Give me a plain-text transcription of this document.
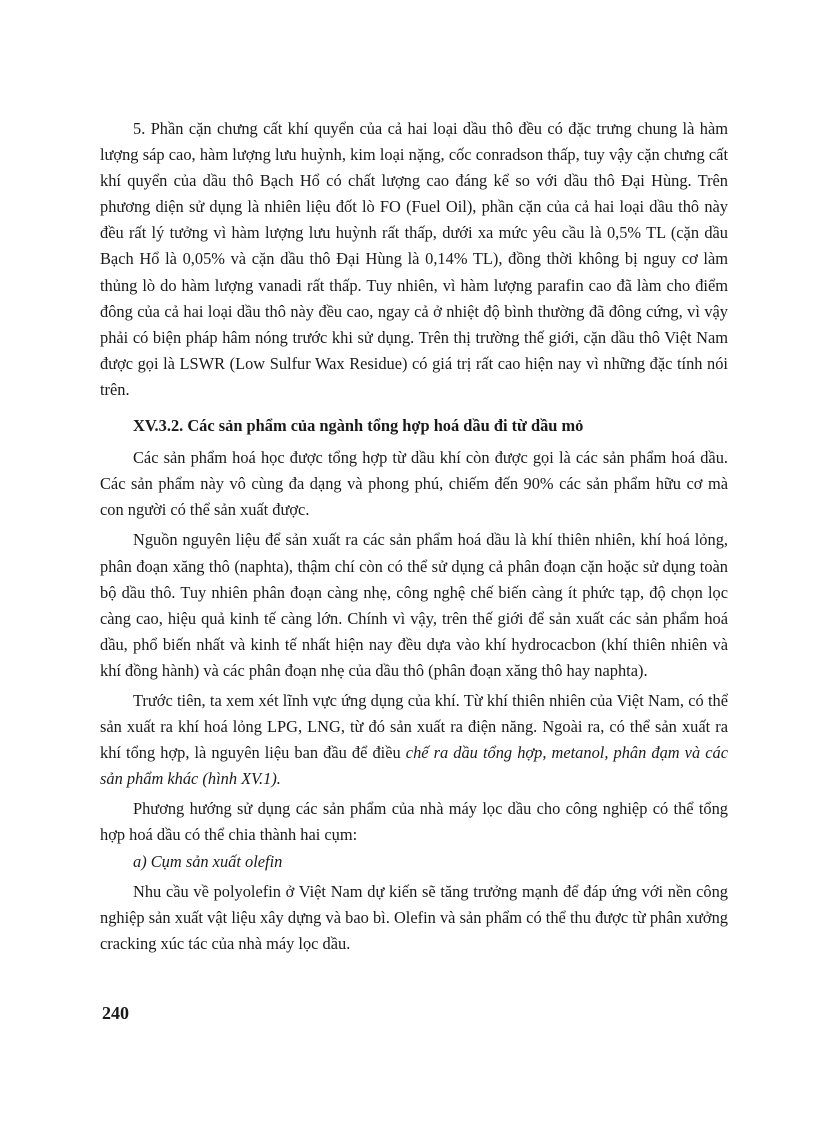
5. Phần cặn chưng cất khí quyển của cả hai loại dầu thô đều có đặc trưng chung là hàm lượng sáp cao, hàm lượng lưu huỳnh, kim loại nặng, cốc conradson thấp, tuy vậy cặn chưng cất khí quyển của dầu thô Bạch Hổ có chất lượng cao đáng kể so với dầu thô Đại Hùng. Trên phương diện sử dụng là nhiên liệu đốt lò FO (Fuel Oil), phần cặn của cả hai loại dầu thô này đều rất lý tưởng vì hàm lượng lưu huỳnh rất thấp, dưới xa mức yêu cầu là 0,5% TL (cặn dầu Bạch Hổ là 0,05% và cặn dầu thô Đại Hùng là 0,14% TL), đồng thời không bị nguy cơ làm thủng lò do hàm lượng vanadi rất thấp. Tuy nhiên, vì hàm lượng parafin cao đã làm cho điểm đông của cả hai loại dầu thô này đều cao, ngay cả ở nhiệt độ bình thường đã đông cứng, vì vậy phải có biện pháp hâm nóng trước khi sử dụng. Trên thị trường thế giới, cặn dầu thô Việt Nam được gọi là LSWR (Low Sulfur Wax Residue) có giá trị rất cao hiện nay vì những đặc tính nói trên.

XV.3.2. Các sản phẩm của ngành tổng hợp hoá dầu đi từ dầu mỏ

Các sản phẩm hoá học được tổng hợp từ dầu khí còn được gọi là các sản phẩm hoá dầu. Các sản phẩm này vô cùng đa dạng và phong phú, chiếm đến 90% các sản phẩm hữu cơ mà con người có thể sản xuất được.

Nguồn nguyên liệu để sản xuất ra các sản phẩm hoá dầu là khí thiên nhiên, khí hoá lỏng, phân đoạn xăng thô (naphta), thậm chí còn có thể sử dụng cả phân đoạn cặn hoặc sử dụng toàn bộ dầu thô. Tuy nhiên phân đoạn càng nhẹ, công nghệ chế biến càng ít phức tạp, độ chọn lọc càng cao, hiệu quả kinh tế càng lớn. Chính vì vậy, trên thế giới để sản xuất các sản phẩm hoá dầu, phổ biến nhất và kinh tế nhất hiện nay đều dựa vào khí hydrocacbon (khí thiên nhiên và khí đồng hành) và các phân đoạn nhẹ của dầu thô (phân đoạn xăng thô hay naphta).

Trước tiên, ta xem xét lĩnh vực ứng dụng của khí. Từ khí thiên nhiên của Việt Nam, có thể sản xuất ra khí hoá lỏng LPG, LNG, từ đó sản xuất ra điện năng. Ngoài ra, có thể sản xuất ra khí tổng hợp, là nguyên liệu ban đầu để điều chế ra dầu tổng hợp, metanol, phân đạm và các sản phẩm khác (hình XV.1).

Phương hướng sử dụng các sản phẩm của nhà máy lọc dầu cho công nghiệp có thể tổng hợp hoá dầu có thể chia thành hai cụm:

a) Cụm sản xuất olefin

Nhu cầu về polyolefin ở Việt Nam dự kiến sẽ tăng trưởng mạnh để đáp ứng với nền công nghiệp sản xuất vật liệu xây dựng và bao bì. Olefin và sản phẩm có thể thu được từ phân xưởng cracking xúc tác của nhà máy lọc dầu.

240
